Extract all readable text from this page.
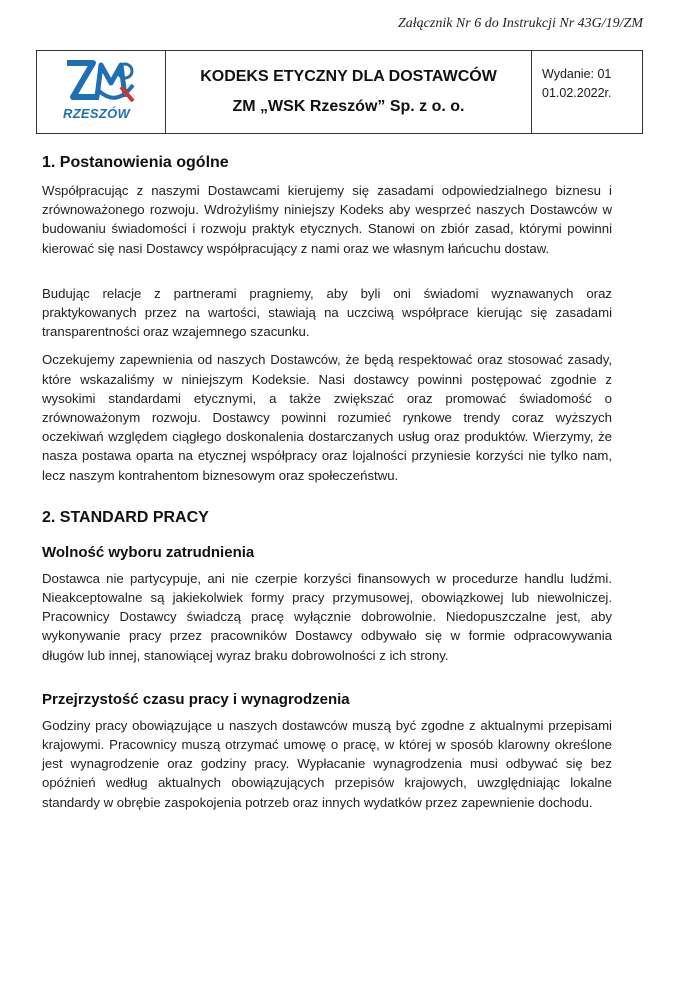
Załącznik Nr 6 do Instrukcji Nr 43G/19/ZM
RZESZÓW
KODEKS ETYCZNY DLA DOSTAWCÓW
ZM „WSK Rzeszów” Sp. z o. o.
Wydanie: 01
01.02.2022r.
1. Postanowienia ogólne

Współpracując z naszymi Dostawcami kierujemy się zasadami odpowiedzialnego biznesu i zrównoważonego rozwoju. Wdrożyliśmy niniejszy Kodeks aby wesprzeć naszych Dostawców w budowaniu świadomości i rozwoju praktyk etycznych. Stanowi on zbiór zasad, którymi powinni kierować się nasi Dostawcy współpracujący z nami oraz we własnym łańcuchu dostaw.

Budując relacje z partnerami pragniemy, aby byli oni świadomi wyznawanych oraz praktykowanych przez na wartości, stawiają na uczciwą współprace kierując się zasadami transparentności oraz wzajemnego szacunku.

Oczekujemy zapewnienia od naszych Dostawców, że będą respektować oraz stosować zasady, które wskazaliśmy w niniejszym Kodeksie. Nasi dostawcy powinni postępować zgodnie z wysokimi standardami etycznymi, a także zwiększać oraz promować świadomość o zrównoważonym rozwoju. Dostawcy powinni rozumieć rynkowe trendy coraz wyższych oczekiwań względem ciągłego doskonalenia dostarczanych usług oraz produktów. Wierzymy, że nasza postawa oparta na etycznej współpracy oraz lojalności przyniesie korzyści nie tylko nam, lecz naszym kontrahentom biznesowym oraz społeczeństwu.

2. STANDARD PRACY
Wolność wyboru zatrudnienia

Dostawca nie partycypuje, ani nie czerpie korzyści finansowych w procedurze handlu ludźmi. Nieakceptowalne są jakiekolwiek formy pracy przymusowej, obowiązkowej lub niewolniczej. Pracownicy Dostawcy świadczą pracę wyłącznie dobrowolnie. Niedopuszczalne jest, aby wykonywanie pracy przez pracowników Dostawcy odbywało się w formie odpracowywania długów lub innej, stanowiącej wyraz braku dobrowolności z ich strony.

Przejrzystość czasu pracy i wynagrodzenia

Godziny pracy obowiązujące u naszych dostawców muszą być zgodne z aktualnymi przepisami krajowymi. Pracownicy muszą otrzymać umowę o pracę, w której w sposób klarowny określone jest wynagrodzenie oraz godziny pracy. Wypłacanie wynagrodzenia musi odbywać się bez opóźnień według aktualnych obowiązujących przepisów krajowych, uwzględniając lokalne standardy w obrębie zaspokojenia potrzeb oraz innych wydatków przez zapewnienie dochodu.
